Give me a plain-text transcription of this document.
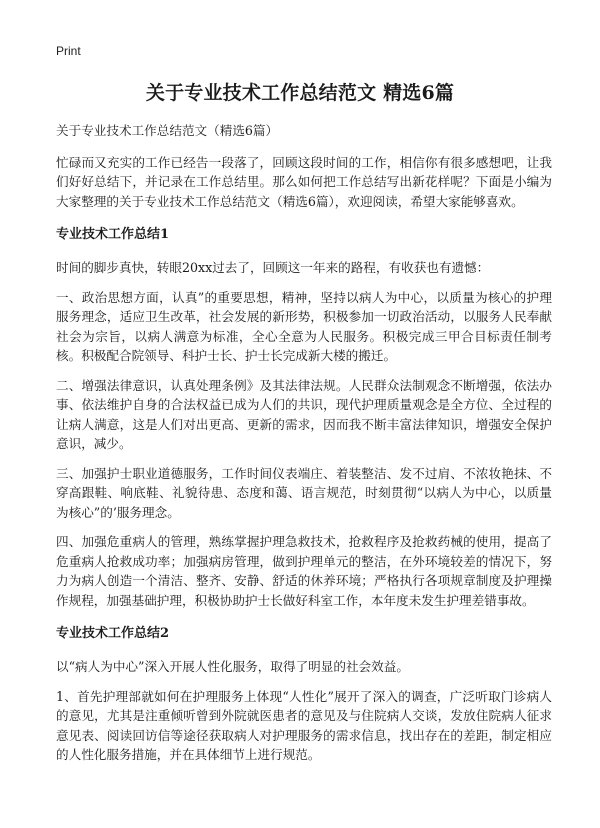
Print
关于专业技术工作总结范文 精选6篇

关于专业技术工作总结范文（精选6篇）

忙碌而又充实的工作已经告一段落了，回顾这段时间的工作，相信你有很多感想吧，让我们好好总结下，并记录在工作总结里。那么如何把工作总结写出新花样呢？下面是小编为大家整理的关于专业技术工作总结范文（精选6篇），欢迎阅读，希望大家能够喜欢。

专业技术工作总结1

时间的脚步真快，转眼20xx过去了，回顾这一年来的路程，有收获也有遗憾：

一、政治思想方面，认真”的重要思想，精神，坚持以病人为中心，以质量为核心的护理服务理念，适应卫生改革，社会发展的新形势，积极参加一切政治活动，以服务人民奉献社会为宗旨，以病人满意为标准，全心全意为人民服务。积极完成三甲合目标责任制考核。积极配合院领导、科护士长、护士长完成新大楼的搬迁。

二、增强法律意识，认真处理条例》及其法律法规。人民群众法制观念不断增强，依法办事、依法维护自身的合法权益已成为人们的共识，现代护理质量观念是全方位、全过程的让病人满意，这是人们对出更高、更新的需求，因而我不断丰富法律知识，增强安全保护意识，减少。

三、加强护士职业道德服务，工作时间仪表端庄、着装整洁、发不过肩、不浓妆艳抹、不穿高跟鞋、响底鞋、礼貌待患、态度和蔼、语言规范，时刻贯彻“以病人为中心，以质量为核心”的’服务理念。

四、加强危重病人的管理，熟练掌握护理急救技术，抢救程序及抢救药械的使用，提高了危重病人抢救成功率；加强病房管理，做到护理单元的整洁，在外环境较差的情况下，努力为病人创造一个清洁、整齐、安静、舒适的休养环境；严格执行各项规章制度及护理操作规程，加强基础护理，积极协助护士长做好科室工作，本年度未发生护理差错事故。

专业技术工作总结2

以“病人为中心”深入开展人性化服务，取得了明显的社会效益。

1、首先护理部就如何在护理服务上体现“人性化”展开了深入的调查，广泛听取门诊病人的意见，尤其是注重倾听曾到外院就医患者的意见及与住院病人交谈，发放住院病人征求意见表、阅读回访信等途径获取病人对护理服务的需求信息，找出存在的差距，制定相应的人性化服务措施，并在具体细节上进行规范。
